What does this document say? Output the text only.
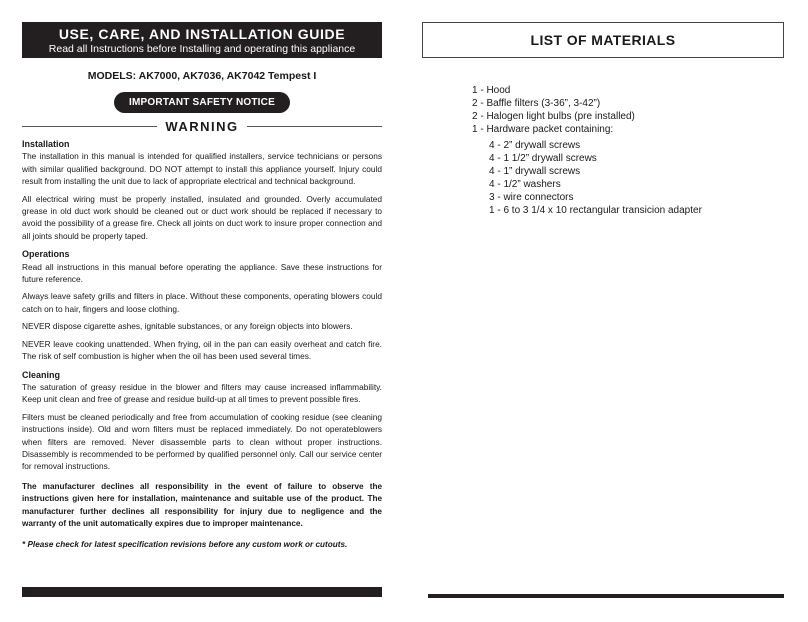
USE, CARE, AND INSTALLATION GUIDE
Read all Instructions before Installing and operating this appliance
MODELS: AK7000, AK7036, AK7042 Tempest I
IMPORTANT SAFETY NOTICE
WARNING
Installation

The installation in this manual is intended for qualified installers, service technicians or persons with similar qualified background. DO NOT attempt to install this appliance yourself. Injury could result from installing the unit due to lack of appropriate electrical and technical background.

All electrical wiring must be properly installed, insulated and grounded. Overly accumulated grease in old duct work should be cleaned out or duct work should be replaced if necessary to avoid the possibility of a grease fire. Check all joints on duct work to insure proper connection and all joints should be properly taped.

Operations

Read all instructions in this manual before operating the appliance. Save these instructions for future reference.

Always leave safety grills and filters in place. Without these components, operating blowers could catch on to hair, fingers and loose clothing.

NEVER dispose cigarette ashes, ignitable substances, or any foreign objects into blowers.

NEVER leave cooking unattended. When frying, oil in the pan can easily overheat and catch fire. The risk of self combustion is higher when the oil has been used several times.

Cleaning

The saturation of greasy residue in the blower and filters may cause increased inflammability. Keep unit clean and free of grease and residue build-up at all times to prevent possible fires.

Filters must be cleaned periodically and free from accumulation of cooking residue (see cleaning instructions inside). Old and worn filters must be replaced immediately. Do not operateblowers when filters are removed. Never disassemble parts to clean without proper instructions. Disassembly is recommended to be performed by qualified personnel only. Call our service center for removal instructions.

The manufacturer declines all responsibility in the event of failure to observe the instructions given here for installation, maintenance and suitable use of the product. The manufacturer further declines all responsibility for injury due to negligence and the warranty of the unit automatically expires due to improper maintenance.
* Please check for latest specification revisions before any custom work or cutouts.
LIST OF MATERIALS
1 - Hood
2 - Baffle filters (3-36”, 3-42”)
2 - Halogen light bulbs (pre installed)
1 - Hardware packet containing:
4 - 2” drywall screws
4 - 1 1/2” drywall screws
4 - 1” drywall screws
4 - 1/2” washers
3 - wire connectors
1 - 6 to 3 1/4 x 10 rectangular transicion adapter
